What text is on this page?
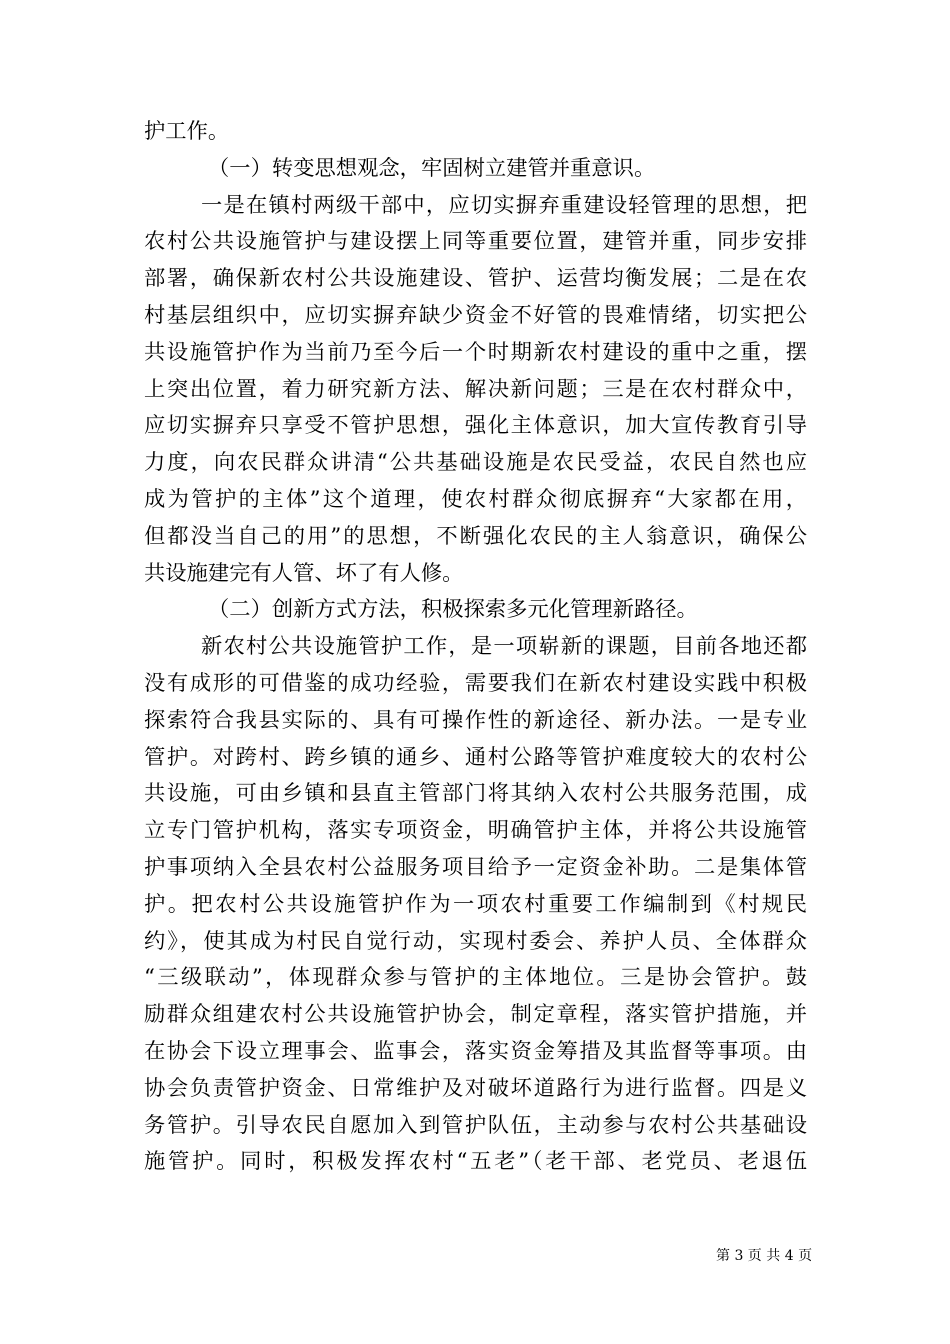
护工作。
（一）转变思想观念，牢固树立建管并重意识。
一是在镇村两级干部中，应切实摒弃重建设轻管理的思想，把
农村公共设施管护与建设摆上同等重要位置，建管并重，同步安排
部署，确保新农村公共设施建设、管护、运营均衡发展；二是在农
村基层组织中，应切实摒弃缺少资金不好管的畏难情绪，切实把公
共设施管护作为当前乃至今后一个时期新农村建设的重中之重，摆
上突出位置，着力研究新方法、解决新问题；三是在农村群众中，
应切实摒弃只享受不管护思想，强化主体意识，加大宣传教育引导
力度，向农民群众讲清“公共基础设施是农民受益，农民自然也应
成为管护的主体”这个道理，使农村群众彻底摒弃“大家都在用，
但都没当自己的用”的思想，不断强化农民的主人翁意识，确保公
共设施建完有人管、坏了有人修。
（二）创新方式方法，积极探索多元化管理新路径。
新农村公共设施管护工作，是一项崭新的课题，目前各地还都
没有成形的可借鉴的成功经验，需要我们在新农村建设实践中积极
探索符合我县实际的、具有可操作性的新途径、新办法。一是专业
管护。对跨村、跨乡镇的通乡、通村公路等管护难度较大的农村公
共设施，可由乡镇和县直主管部门将其纳入农村公共服务范围，成
立专门管护机构，落实专项资金，明确管护主体，并将公共设施管
护事项纳入全县农村公益服务项目给予一定资金补助。二是集体管
护。把农村公共设施管护作为一项农村重要工作编制到《村规民
约》，使其成为村民自觉行动，实现村委会、养护人员、全体群众
“三级联动”，体现群众参与管护的主体地位。三是协会管护。鼓
励群众组建农村公共设施管护协会，制定章程，落实管护措施，并
在协会下设立理事会、监事会，落实资金筹措及其监督等事项。由
协会负责管护资金、日常维护及对破坏道路行为进行监督。四是义
务管护。引导农民自愿加入到管护队伍，主动参与农村公共基础设
施管护。同时，积极发挥农村“五老”（老干部、老党员、老退伍
第 3 页 共 4 页
